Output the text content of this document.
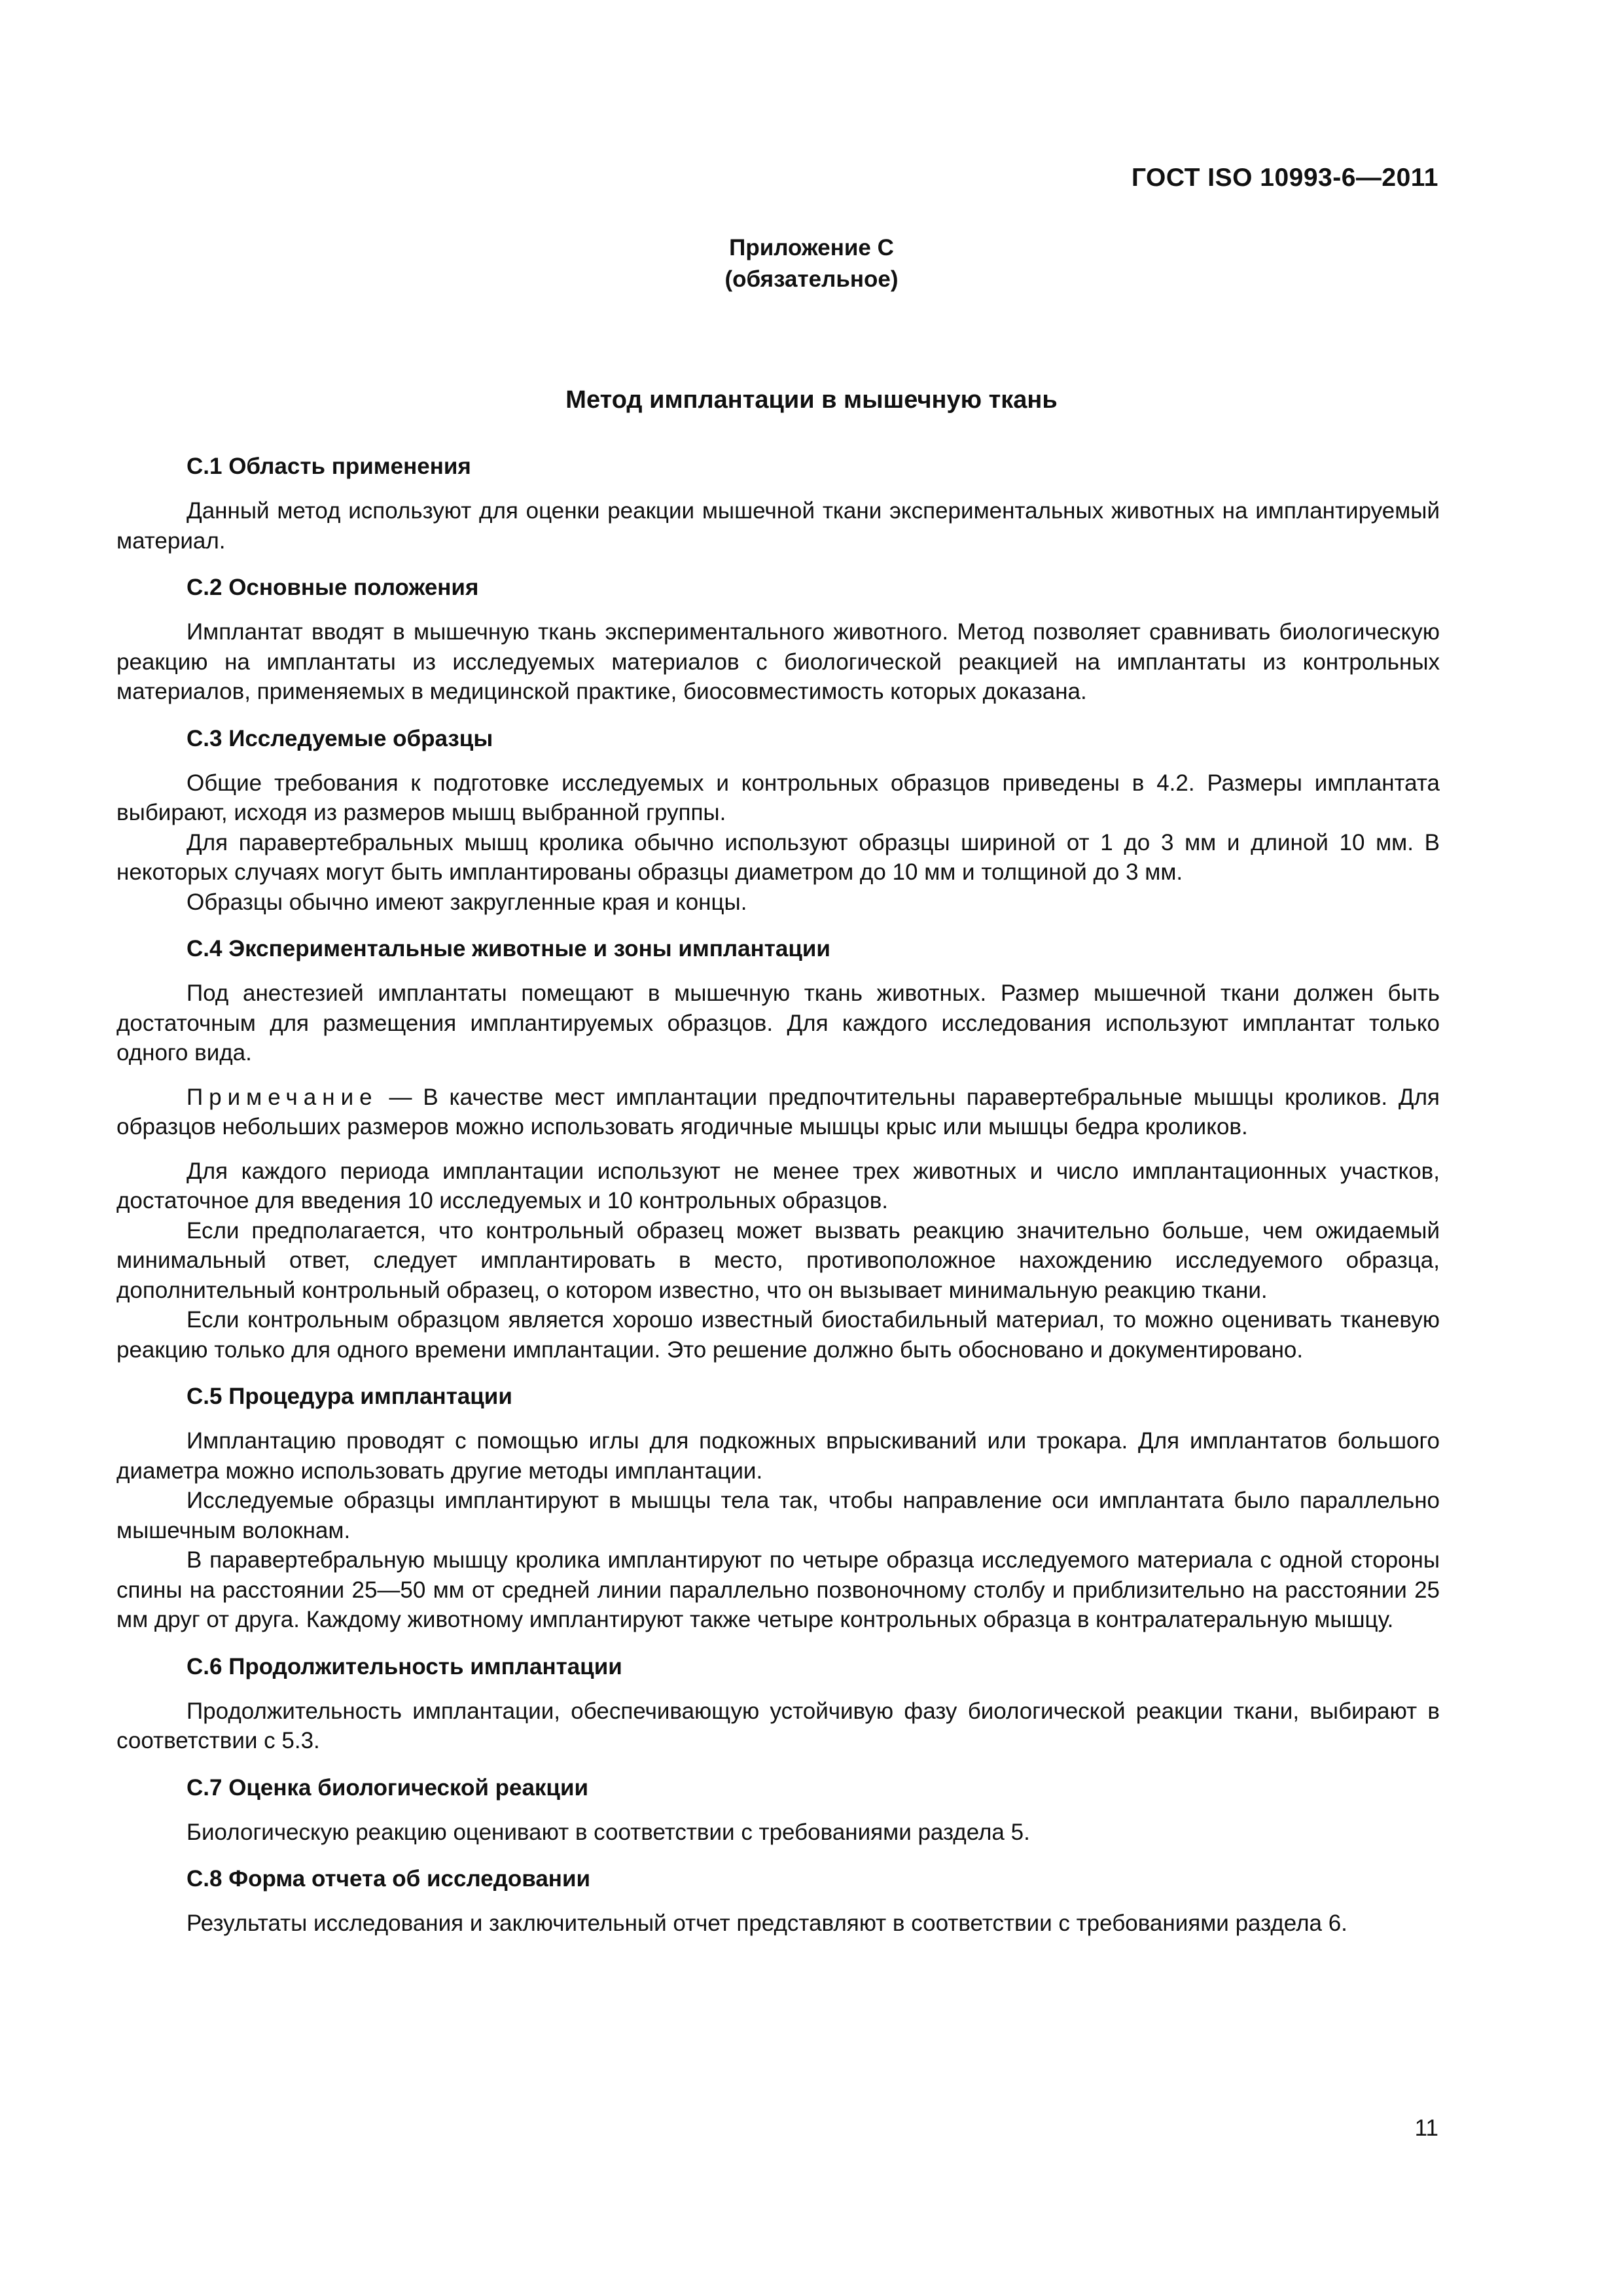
ГОСТ ISO 10993-6—2011
Приложение C
(обязательное)
Метод имплантации в мышечную ткань

C.1 Область применения

Данный метод используют для оценки реакции мышечной ткани экспериментальных животных на имплантируемый материал.

C.2 Основные положения

Имплантат вводят в мышечную ткань экспериментального животного. Метод позволяет сравнивать биологическую реакцию на имплантаты из исследуемых материалов с биологической реакцией на имплантаты из контрольных материалов, применяемых в медицинской практике, биосовместимость которых доказана.

C.3 Исследуемые образцы

Общие требования к подготовке исследуемых и контрольных образцов приведены в 4.2. Размеры имплантата выбирают, исходя из размеров мышц выбранной группы.

Для паравертебральных мышц кролика обычно используют образцы шириной от 1 до 3 мм и длиной 10 мм. В некоторых случаях могут быть имплантированы образцы диаметром до 10 мм и толщиной до 3 мм.

Образцы обычно имеют закругленные края и концы.

C.4 Экспериментальные животные и зоны имплантации

Под анестезией имплантаты помещают в мышечную ткань животных. Размер мышечной ткани должен быть достаточным для размещения имплантируемых образцов. Для каждого исследования используют имплантат только одного вида.

Примечание — В качестве мест имплантации предпочтительны паравертебральные мышцы кроликов. Для образцов небольших размеров можно использовать ягодичные мышцы крыс или мышцы бедра кроликов.

Для каждого периода имплантации используют не менее трех животных и число имплантационных участков, достаточное для введения 10 исследуемых и 10 контрольных образцов.

Если предполагается, что контрольный образец может вызвать реакцию значительно больше, чем ожидаемый минимальный ответ, следует имплантировать в место, противоположное нахождению исследуемого образца, дополнительный контрольный образец, о котором известно, что он вызывает минимальную реакцию ткани.

Если контрольным образцом является хорошо известный биостабильный материал, то можно оценивать тканевую реакцию только для одного времени имплантации. Это решение должно быть обосновано и документировано.

C.5 Процедура имплантации

Имплантацию проводят с помощью иглы для подкожных впрыскиваний или трокара. Для имплантатов большого диаметра можно использовать другие методы имплантации.

Исследуемые образцы имплантируют в мышцы тела так, чтобы направление оси имплантата было параллельно мышечным волокнам.

В паравертебральную мышцу кролика имплантируют по четыре образца исследуемого материала с одной стороны спины на расстоянии 25—50 мм от средней линии параллельно позвоночному столбу и приблизительно на расстоянии 25 мм друг от друга. Каждому животному имплантируют также четыре контрольных образца в контралатеральную мышцу.

C.6 Продолжительность имплантации

Продолжительность имплантации, обеспечивающую устойчивую фазу биологической реакции ткани, выбирают в соответствии с 5.3.

C.7 Оценка биологической реакции

Биологическую реакцию оценивают в соответствии с требованиями раздела 5.

C.8 Форма отчета об исследовании

Результаты исследования и заключительный отчет представляют в соответствии с требованиями раздела 6.

11
